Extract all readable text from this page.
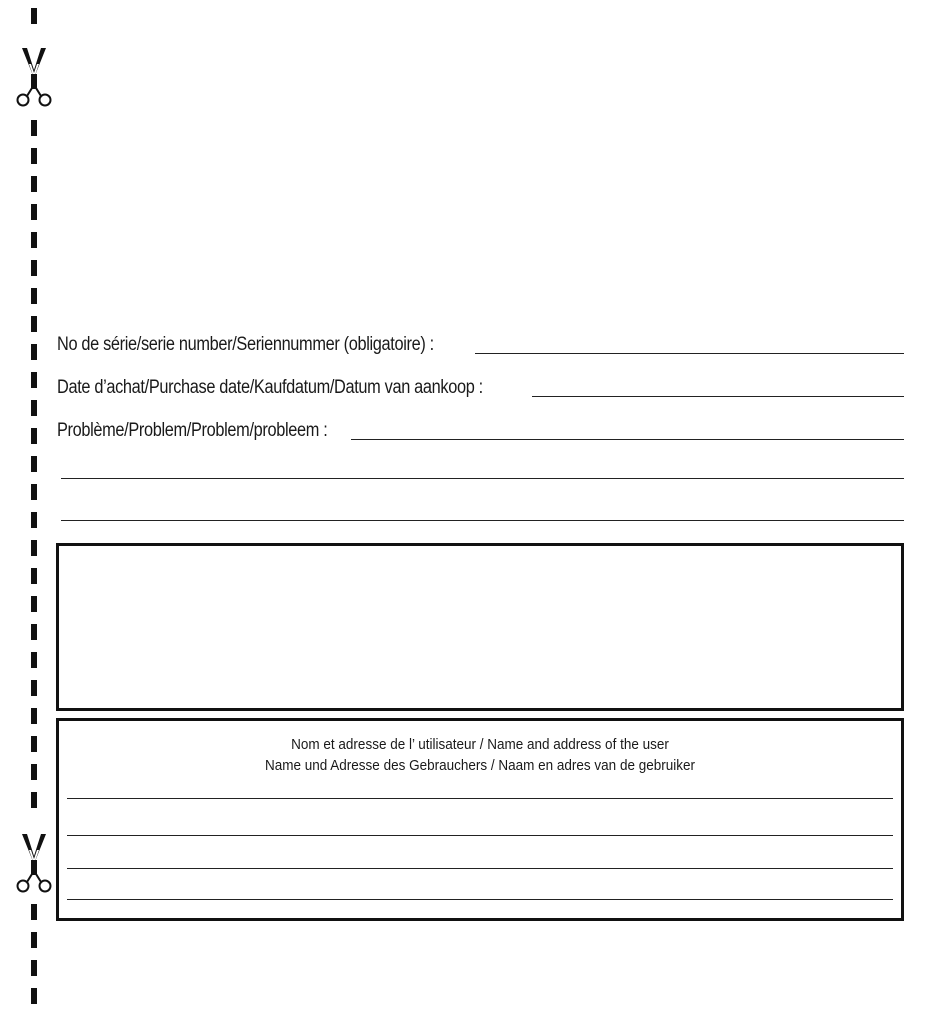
No de série/serie number/Seriennummer (obligatoire) :
Date d’achat/Purchase date/Kaufdatum/Datum van aankoop :
Problème/Problem/Problem/probleem :
Nom et adresse de l’ utilisateur / Name and address of the user
Name und Adresse des Gebrauchers / Naam en adres van de gebruiker
